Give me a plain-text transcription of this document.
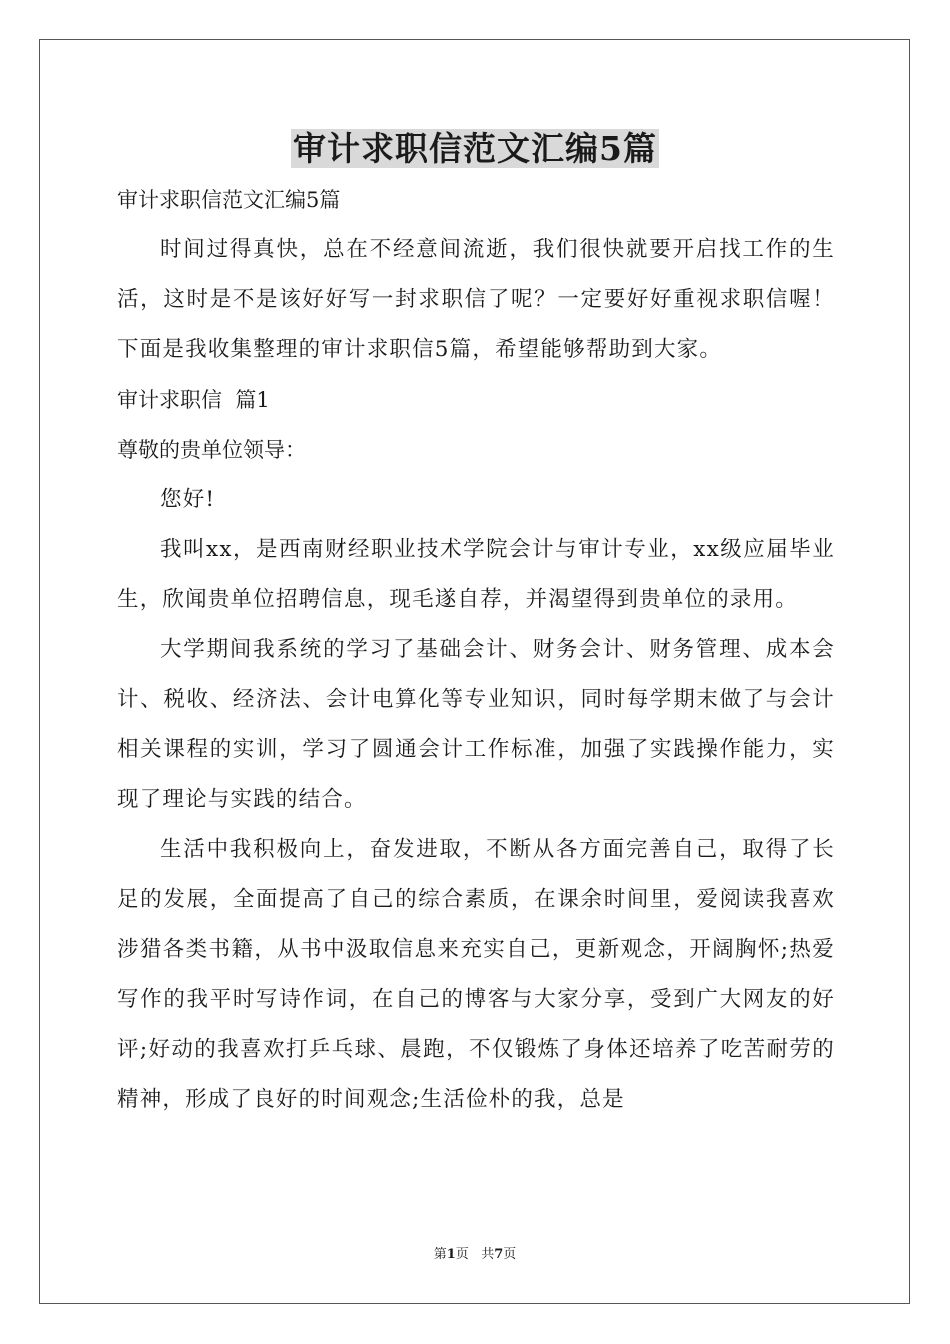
审计求职信范文汇编5篇

审计求职信范文汇编5篇

时间过得真快，总在不经意间流逝，我们很快就要开启找工作的生活，这时是不是该好好写一封求职信了呢？一定要好好重视求职信喔！下面是我收集整理的审计求职信5篇，希望能够帮助到大家。

审计求职信  篇1

尊敬的贵单位领导：

您好!

我叫xx，是西南财经职业技术学院会计与审计专业，xx级应届毕业生，欣闻贵单位招聘信息，现毛遂自荐，并渴望得到贵单位的录用。

大学期间我系统的学习了基础会计、财务会计、财务管理、成本会计、税收、经济法、会计电算化等专业知识，同时每学期末做了与会计相关课程的实训，学习了圆通会计工作标准，加强了实践操作能力，实现了理论与实践的结合。

生活中我积极向上，奋发进取，不断从各方面完善自己，取得了长足的发展，全面提高了自己的综合素质，在课余时间里，爱阅读我喜欢涉猎各类书籍，从书中汲取信息来充实自己，更新观念，开阔胸怀;热爱写作的我平时写诗作词，在自己的博客与大家分享，受到广大网友的好评;好动的我喜欢打乒乓球、晨跑，不仅锻炼了身体还培养了吃苦耐劳的精神，形成了良好的时间观念;生活俭朴的我，总是

第1页 共7页
